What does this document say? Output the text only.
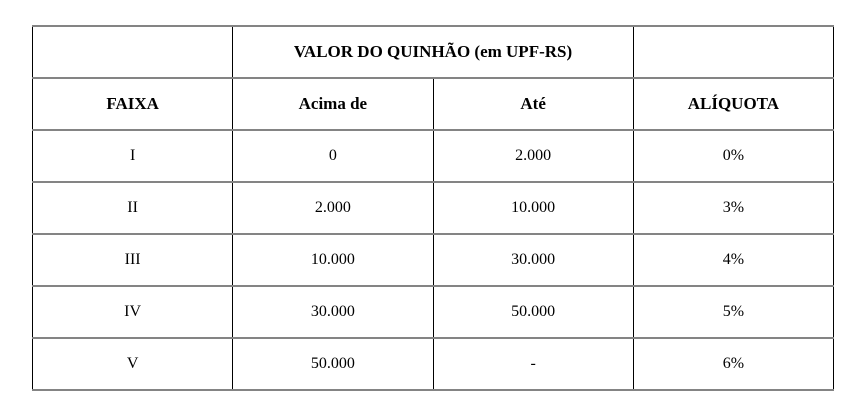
	VALOR DO QUINHÃO (em UPF-RS)		
FAIXA	Acima de	Até	ALÍQUOTA
I	0	2.000	0%
II	2.000	10.000	3%
III	10.000	30.000	4%
IV	30.000	50.000	5%
V	50.000	-	6%
